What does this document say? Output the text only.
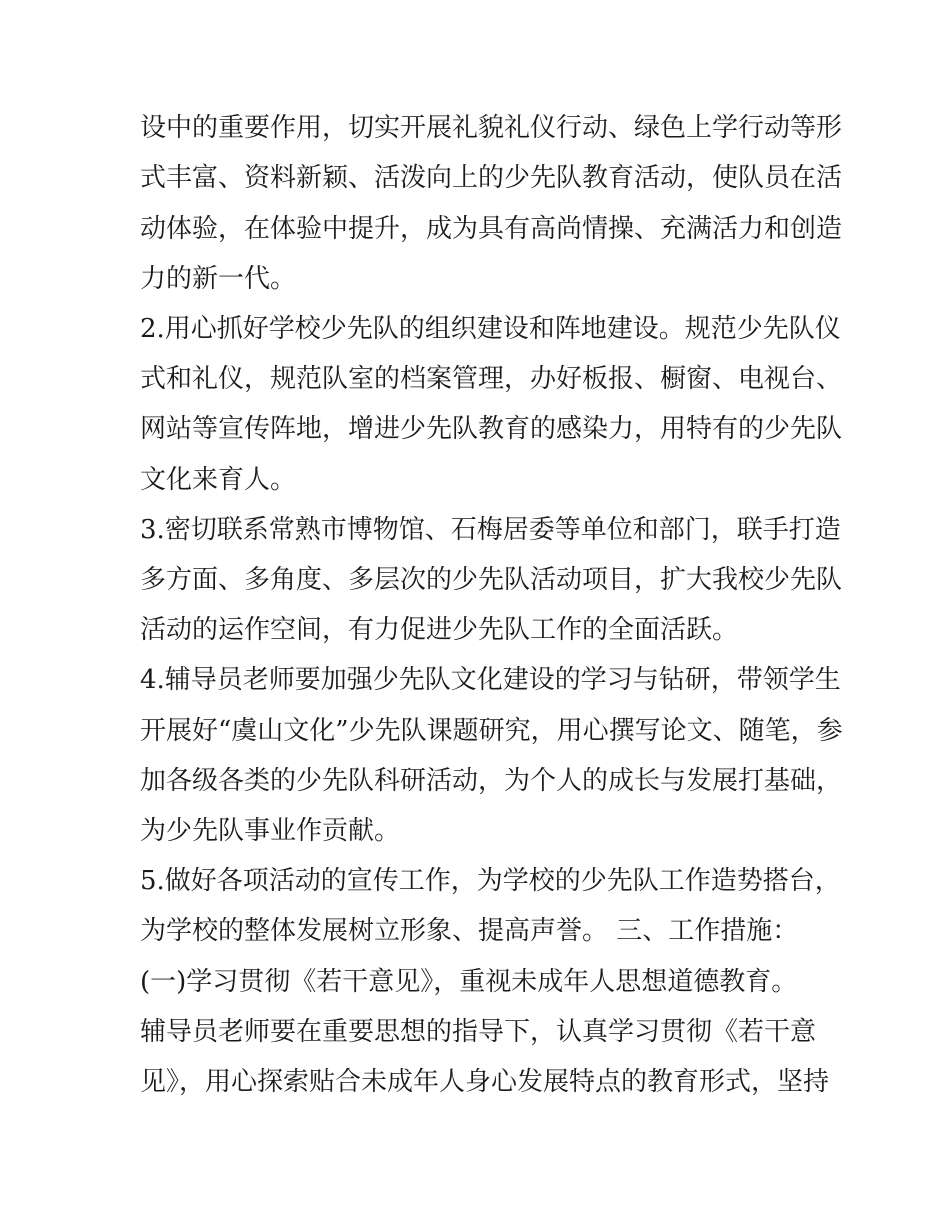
设中的重要作用，切实开展礼貌礼仪行动、绿色上学行动等形
式丰富、资料新颖、活泼向上的少先队教育活动，使队员在活
动体验，在体验中提升，成为具有高尚情操、充满活力和创造
力的新一代。
2.用心抓好学校少先队的组织建设和阵地建设。规范少先队仪
式和礼仪，规范队室的档案管理，办好板报、橱窗、电视台、
网站等宣传阵地，增进少先队教育的感染力，用特有的少先队
文化来育人。
3.密切联系常熟市博物馆、石梅居委等单位和部门，联手打造
多方面、多角度、多层次的少先队活动项目，扩大我校少先队
活动的运作空间，有力促进少先队工作的全面活跃。
4.辅导员老师要加强少先队文化建设的学习与钻研，带领学生
开展好“虞山文化”少先队课题研究，用心撰写论文、随笔，参
加各级各类的少先队科研活动，为个人的成长与发展打基础，
为少先队事业作贡献。
5.做好各项活动的宣传工作，为学校的少先队工作造势搭台，
为学校的整体发展树立形象、提高声誉。 三、工作措施：
(一)学习贯彻《若干意见》，重视未成年人思想道德教育。
辅导员老师要在重要思想的指导下，认真学习贯彻《若干意
见》，用心探索贴合未成年人身心发展特点的教育形式，坚持
